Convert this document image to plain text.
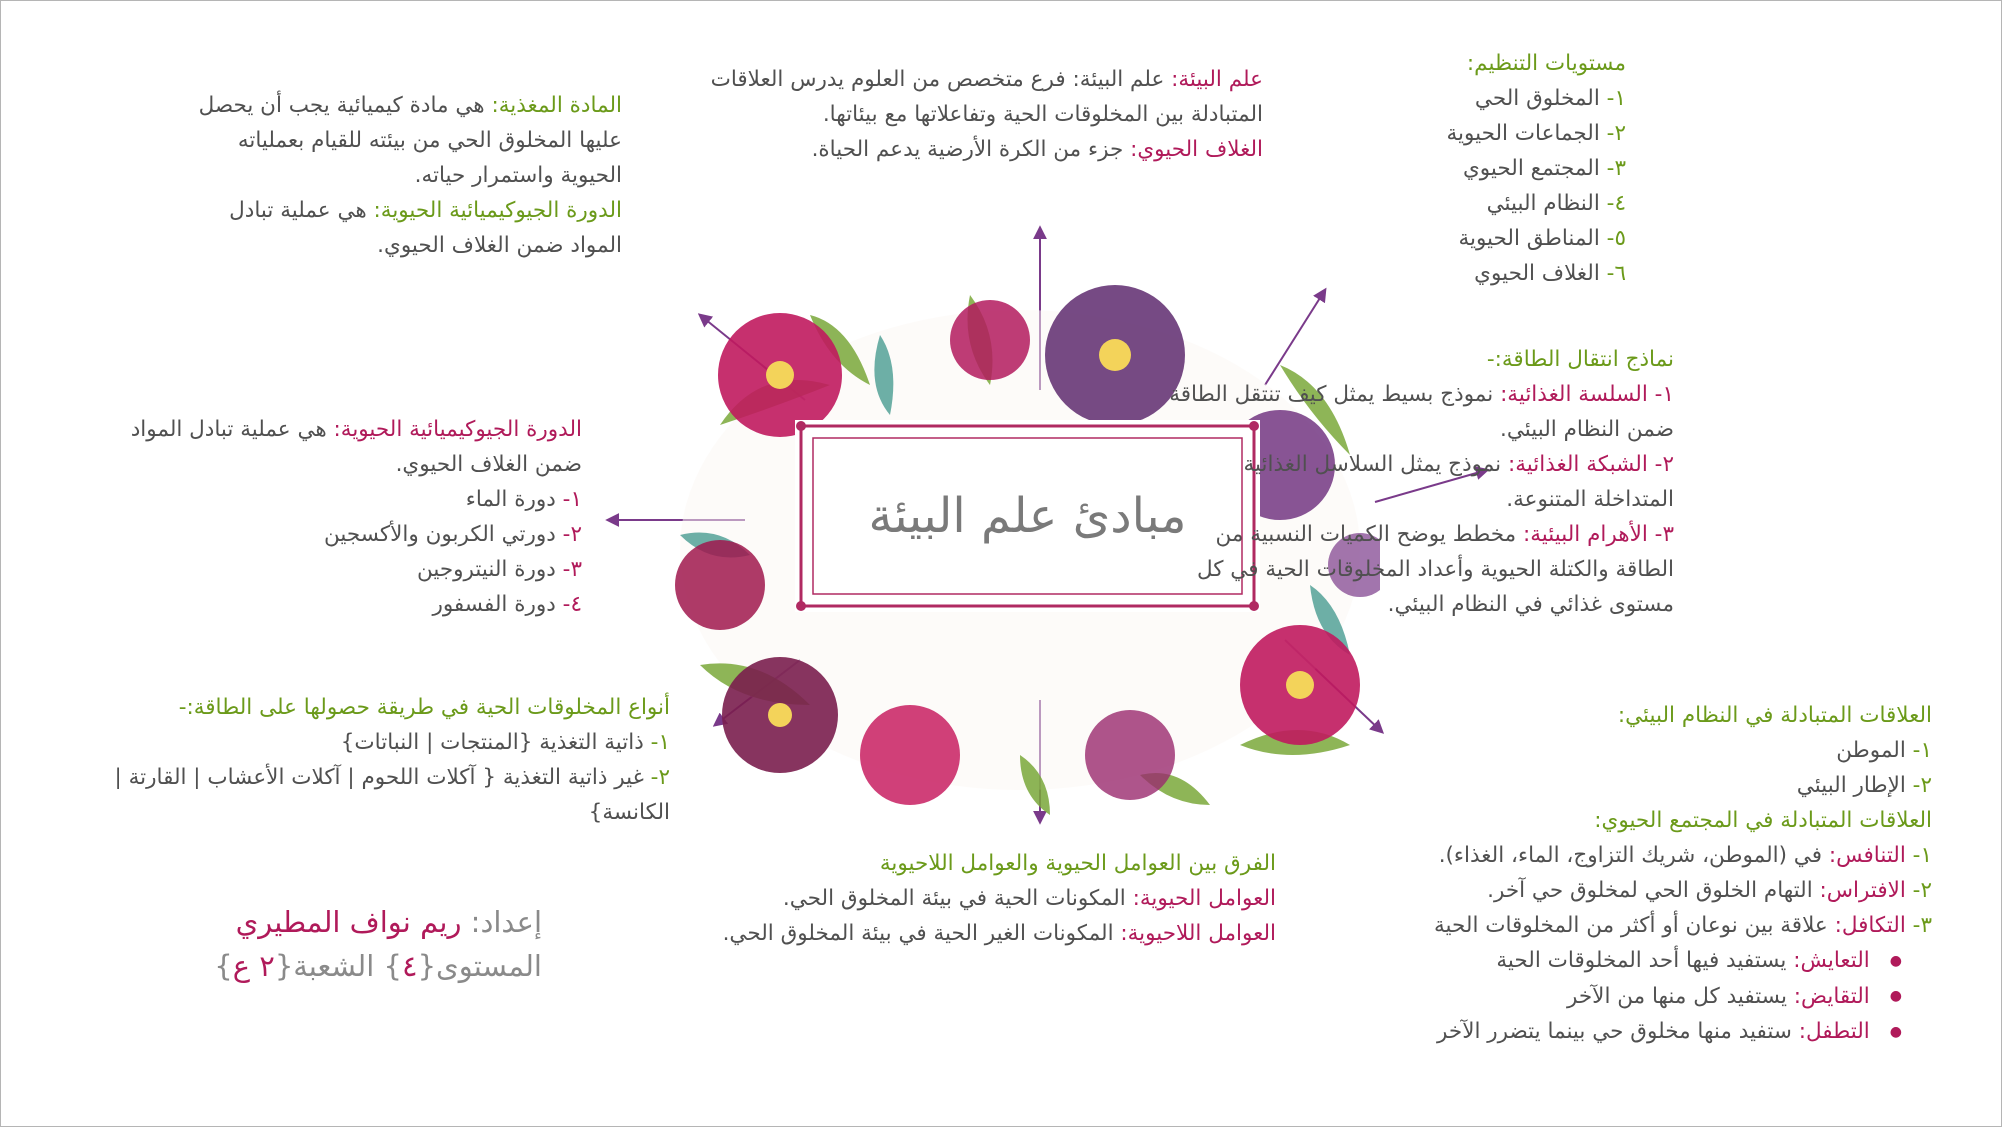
مبادئ علم البيئة

مستويات التنظيم:

١- المخلوق الحي

٢- الجماعات الحيوية

٣- المجتمع الحيوي

٤- النظام البيئي

٥- المناطق الحيوية

٦- الغلاف الحيوي

علم البيئة: علم البيئة: فرع متخصص من العلوم يدرس العلاقات المتبادلة بين المخلوقات الحية وتفاعلاتها مع بيئاتها.

الغلاف الحيوي: جزء من الكرة الأرضية يدعم الحياة.

المادة المغذية: هي مادة كيميائية يجب أن يحصل عليها المخلوق الحي من بيئته للقيام بعملياته الحيوية واستمرار حياته.

الدورة الجيوكيميائية الحيوية: هي عملية تبادل المواد ضمن الغلاف الحيوي.

نماذج انتقال الطاقة:-

١- السلسة الغذائية: نموذج بسيط يمثل كيف تنتقل الطاقة ضمن النظام البيئي.

٢- الشبكة الغذائية: نموذج يمثل السلاسل الغذائية المتداخلة المتنوعة.

٣- الأهرام البيئية: مخطط يوضح الكميات النسبية من الطاقة والكتلة الحيوية وأعداد المخلوقات الحية في كل مستوى غذائي في النظام البيئي.

الدورة الجيوكيميائية الحيوية: هي عملية تبادل المواد ضمن الغلاف الحيوي.

١- دورة الماء

٢- دورتي الكربون والأكسجين

٣- دورة النيتروجين

٤- دورة الفسفور

أنواع المخلوقات الحية في طريقة حصولها على الطاقة:-

١- ذاتية التغذية {المنتجات | النباتات}

٢- غير ذاتية التغذية { آكلات اللحوم | آكلات الأعشاب | القارتة | الكانسة}

الفرق بين العوامل الحيوية والعوامل اللاحيوية

العوامل الحيوية: المكونات الحية في بيئة المخلوق الحي.

العوامل اللاحيوية: المكونات الغير الحية في بيئة المخلوق الحي.

العلاقات المتبادلة في النظام البيئي:

١- الموطن

٢- الإطار البيئي

العلاقات المتبادلة في المجتمع الحيوي:

١- التنافس: في (الموطن، شريك التزاوج، الماء، الغذاء).

٢- الافتراس: التهام الخلوق الحي لمخلوق حي آخر.

٣- التكافل: علاقة بين نوعان أو أكثر من المخلوقات الحية

●التعايش: يستفيد فيها أحد المخلوقات الحية

●التقايض: يستفيد كل منها من الآخر

●التطفل: ستفيد منها مخلوق حي بينما يتضرر الآخر

إعداد: ريم نواف المطيري

المستوى{٤} الشعبة{٢ ع}
